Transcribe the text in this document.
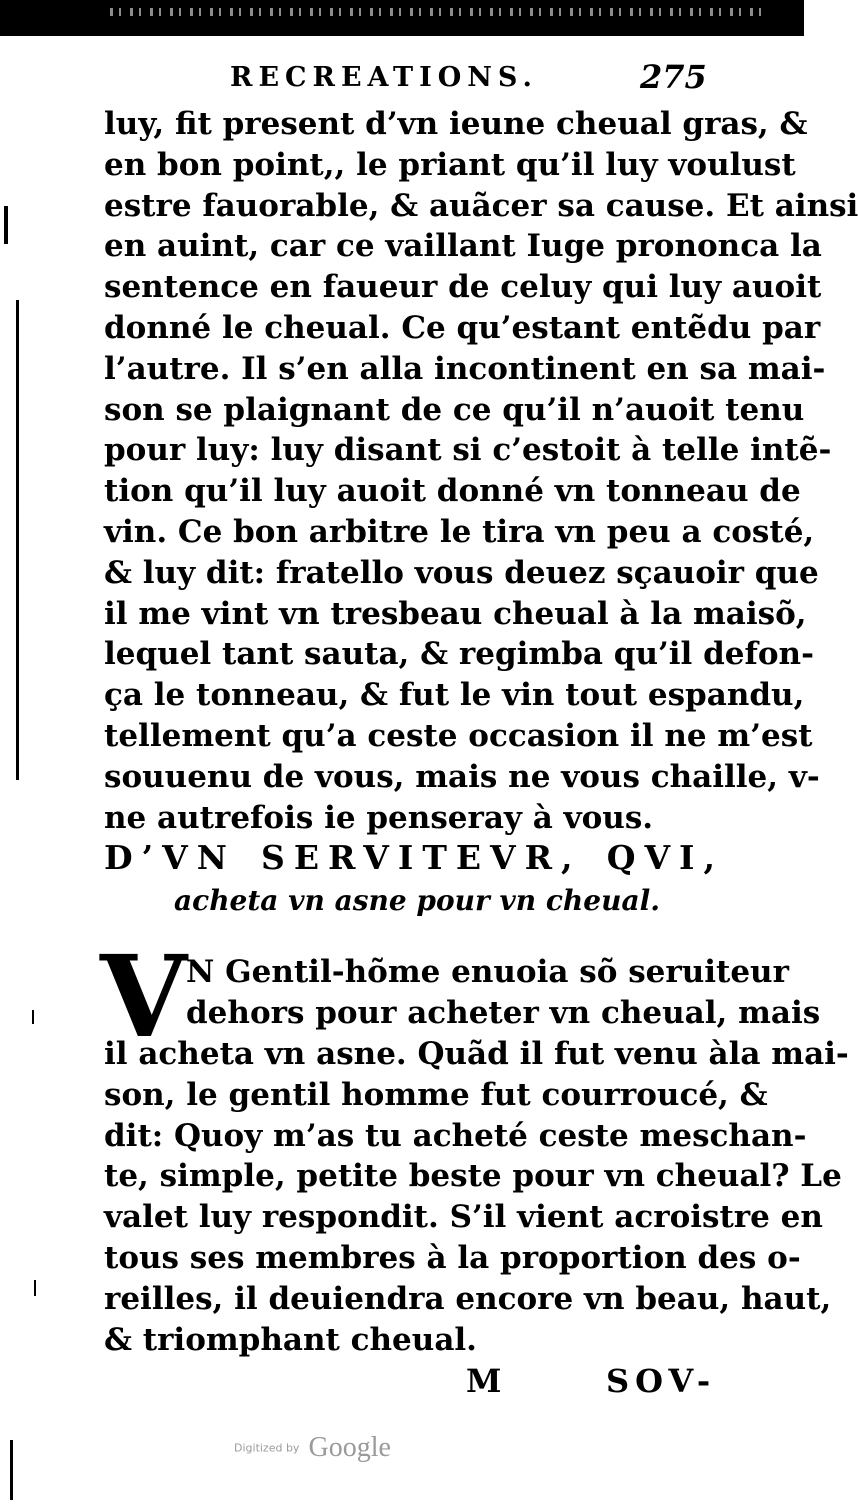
RECREATIONS.	275
luy, fit present d’vn ieune cheual gras, &
en bon point,, le priant qu’il luy voulust
estre fauorable, & auãcer sa cause. Et ainsi
en auint, car ce vaillant Iuge prononca la
sentence en faueur de celuy qui luy auoit
donné le cheual. Ce qu’estant entẽdu par
l’autre. Il s’en alla incontinent en sa mai-
son se plaignant de ce qu’il n’auoit tenu
pour luy: luy disant si c’estoit à telle intẽ-
tion qu’il luy auoit donné vn tonneau de
vin. Ce bon arbitre le tira vn peu a costé,
& luy dit: fratello vous deuez sçauoir que
il me vint vn tresbeau cheual à la maisõ,
lequel tant sauta, & regimba qu’il defon-
ça le tonneau, & fut le vin tout espandu,
tellement qu’a ceste occasion il ne m’est
souuenu de vous, mais ne vous chaille, v-
ne autrefois ie penseray à vous.
D’VN SERVITEVR, QVI,
acheta vn asne pour vn cheual.
V N Gentil-hõme enuoia sõ seruiteur
dehors pour acheter vn cheual, mais
il acheta vn asne. Quãd il fut venu àla mai-
son, le gentil homme fut courroucé, &
dit: Quoy m’as tu acheté ceste meschan-
te, simple, petite beste pour vn cheual? Le
valet luy respondit. S’il vient acroistre en
tous ses membres à la proportion des o-
reilles, il deuiendra encore vn beau, haut,
& triomphant cheual.
M	SOV-
Digitized by Google
